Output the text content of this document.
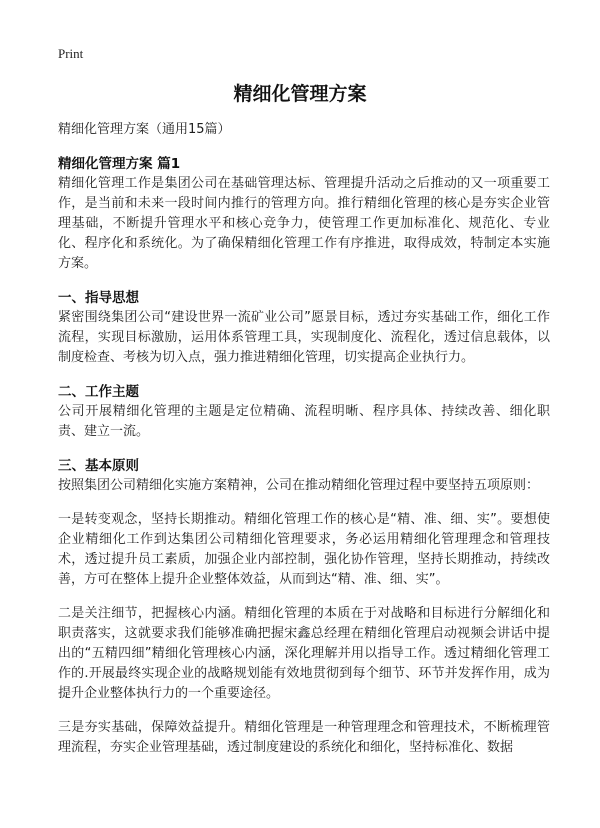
Print
精细化管理方案

精细化管理方案（通用15篇）

精细化管理方案 篇1

精细化管理工作是集团公司在基础管理达标、管理提升活动之后推动的又一项重要工作，是当前和未来一段时间内推行的管理方向。推行精细化管理的核心是夯实企业管理基础，不断提升管理水平和核心竞争力，使管理工作更加标准化、规范化、专业化、程序化和系统化。为了确保精细化管理工作有序推进，取得成效，特制定本实施方案。

一、指导思想

紧密围绕集团公司“建设世界一流矿业公司”愿景目标，透过夯实基础工作，细化工作流程，实现目标激励，运用体系管理工具，实现制度化、流程化，透过信息载体，以制度检查、考核为切入点，强力推进精细化管理，切实提高企业执行力。

二、工作主题

公司开展精细化管理的主题是定位精确、流程明晰、程序具体、持续改善、细化职责、建立一流。

三、基本原则

按照集团公司精细化实施方案精神，公司在推动精细化管理过程中要坚持五项原则：

一是转变观念，坚持长期推动。精细化管理工作的核心是“精、准、细、实”。要想使企业精细化工作到达集团公司精细化管理要求，务必运用精细化管理理念和管理技术，透过提升员工素质，加强企业内部控制，强化协作管理，坚持长期推动，持续改善，方可在整体上提升企业整体效益，从而到达“精、准、细、实”。

二是关注细节，把握核心内涵。精细化管理的本质在于对战略和目标进行分解细化和职责落实，这就要求我们能够准确把握宋鑫总经理在精细化管理启动视频会讲话中提出的“五精四细”精细化管理核心内涵，深化理解并用以指导工作。透过精细化管理工作的.开展最终实现企业的战略规划能有效地贯彻到每个细节、环节并发挥作用，成为提升企业整体执行力的一个重要途径。

三是夯实基础，保障效益提升。精细化管理是一种管理理念和管理技术，不断梳理管理流程，夯实企业管理基础，透过制度建设的系统化和细化，坚持标准化、数据
